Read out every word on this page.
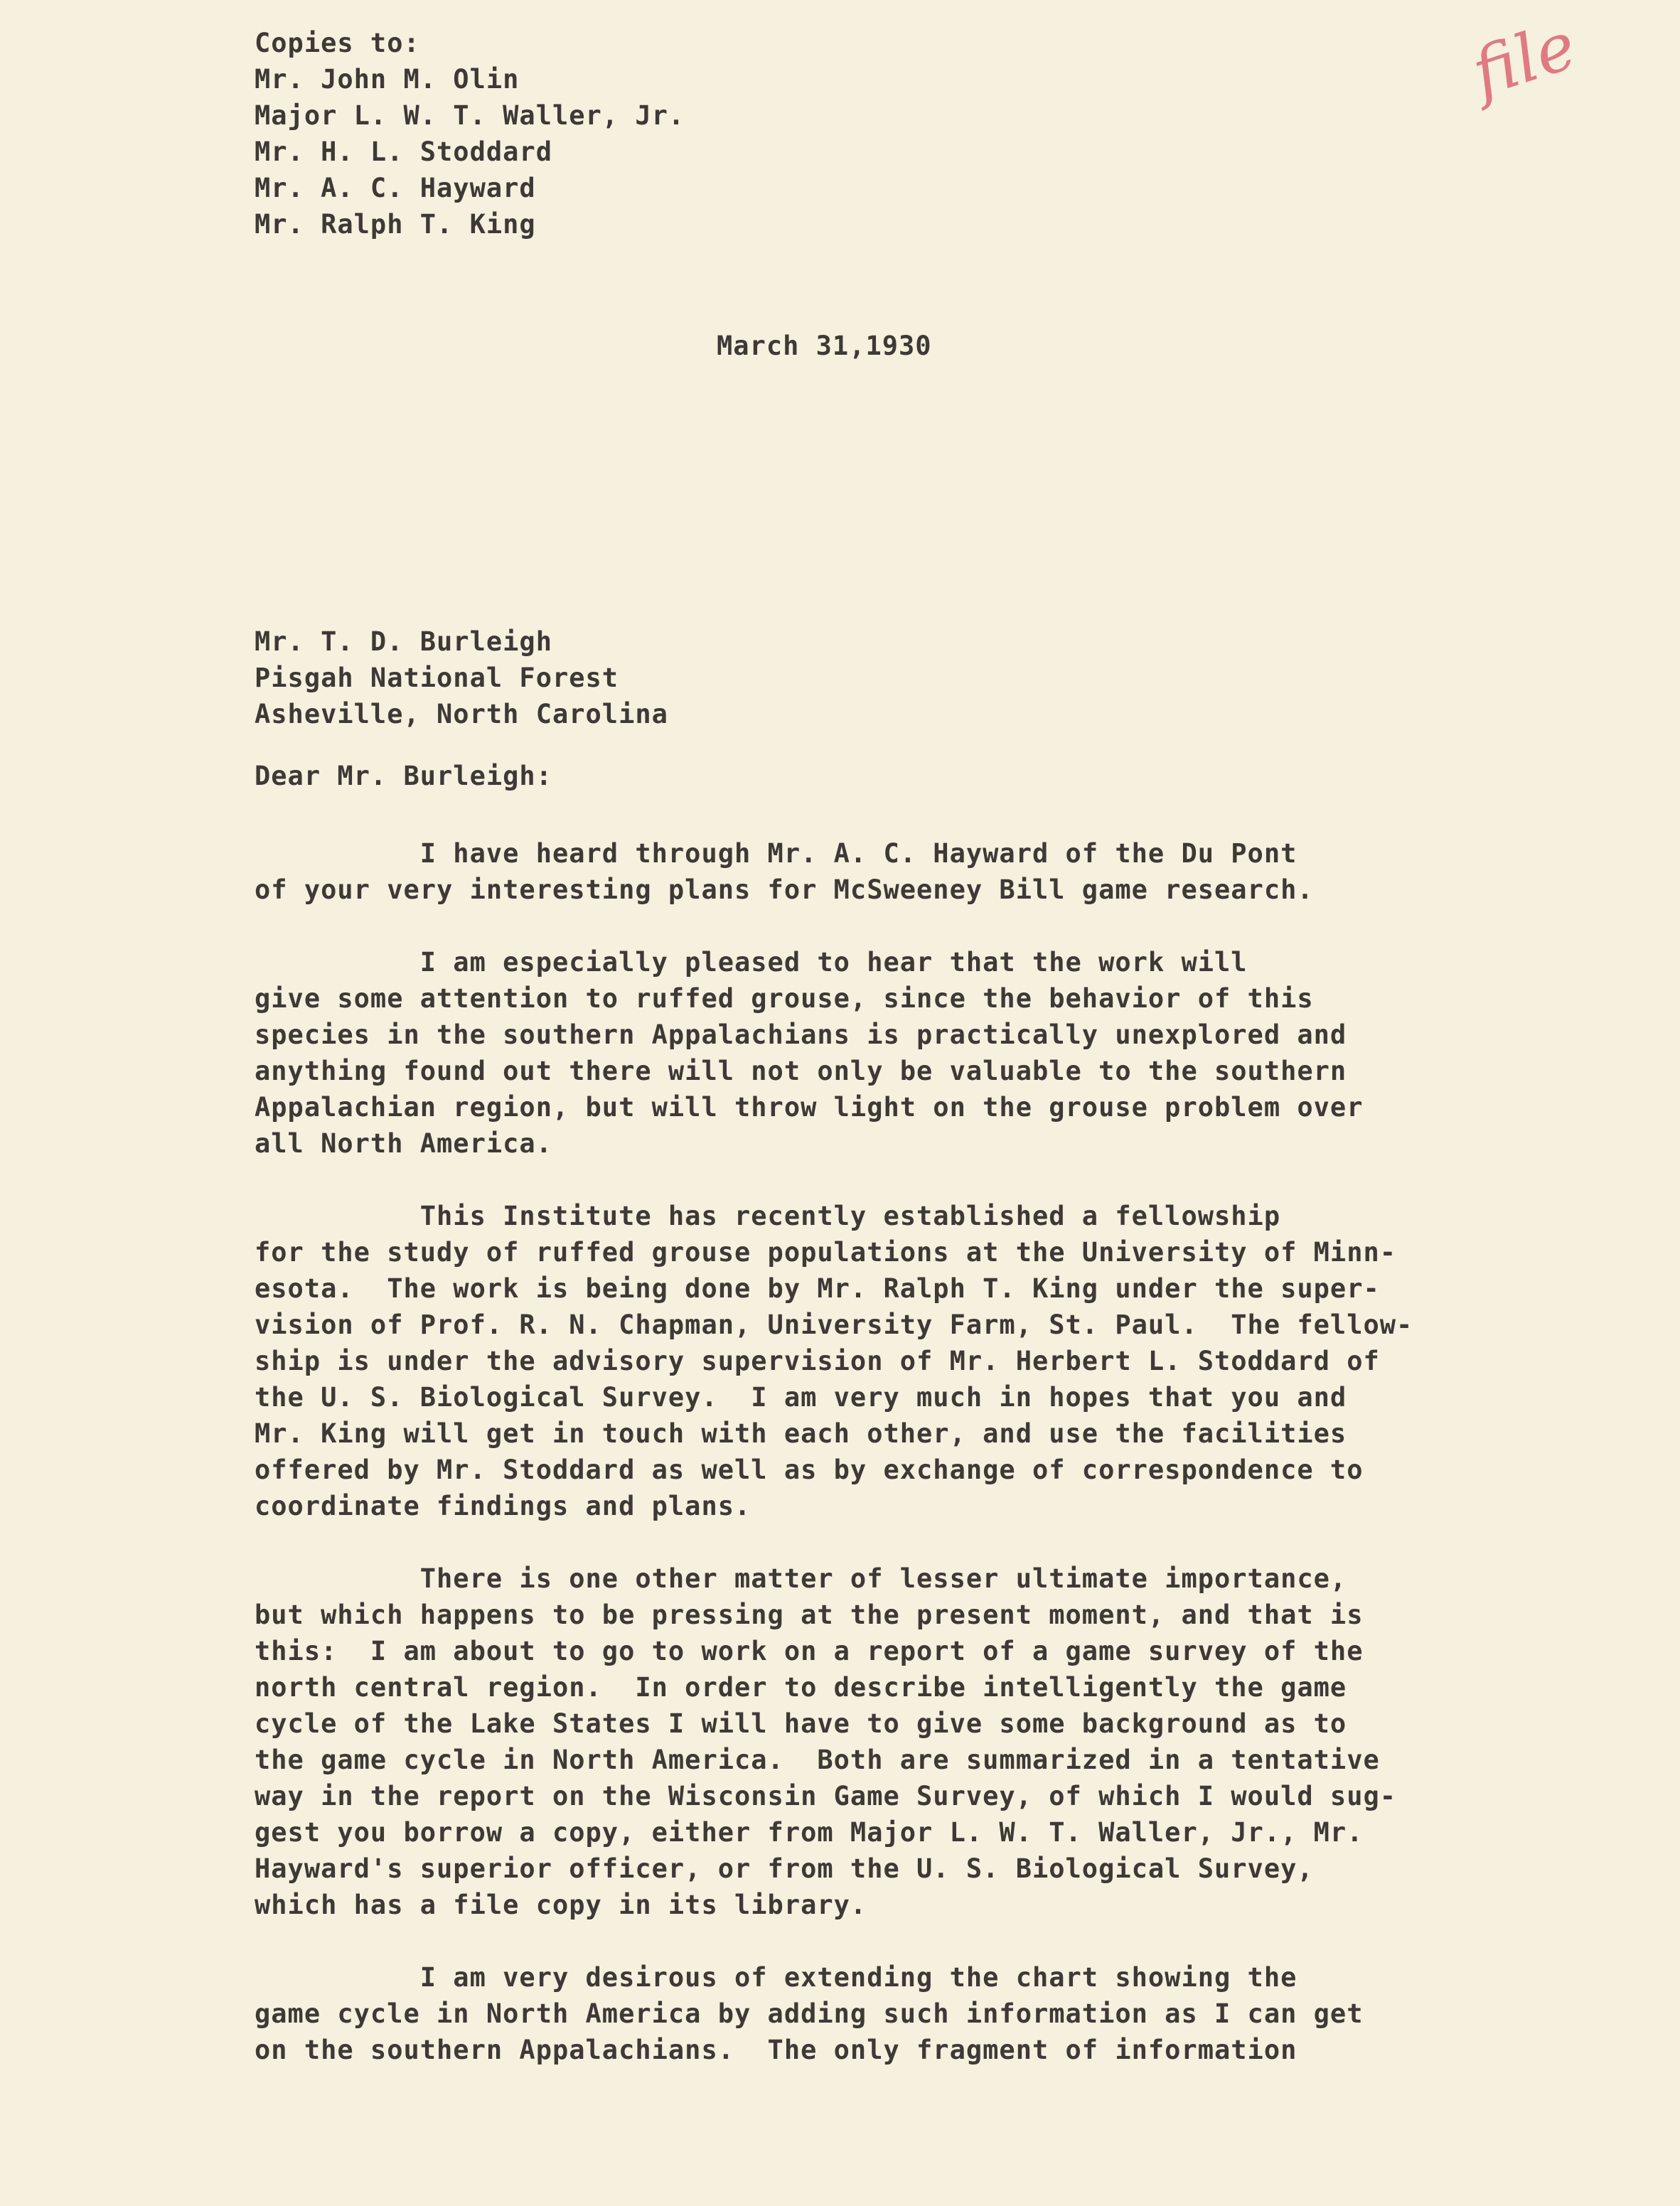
Copies to:
Mr. John M. Olin
Major L. W. T. Waller, Jr.
Mr. H. L. Stoddard
Mr. A. C. Hayward
Mr. Ralph T. King
file
March 31,1930
Mr. T. D. Burleigh
Pisgah National Forest
Asheville, North Carolina
Dear Mr. Burleigh:
I have heard through Mr. A. C. Hayward of the Du Pont
of your very interesting plans for McSweeney Bill game research.
I am especially pleased to hear that the work will
give some attention to ruffed grouse, since the behavior of this
species in the southern Appalachians is practically unexplored and
anything found out there will not only be valuable to the southern
Appalachian region, but will throw light on the grouse problem over
all North America.
This Institute has recently established a fellowship
for the study of ruffed grouse populations at the University of Minn-
esota.  The work is being done by Mr. Ralph T. King under the super-
vision of Prof. R. N. Chapman, University Farm, St. Paul.  The fellow-
ship is under the advisory supervision of Mr. Herbert L. Stoddard of
the U. S. Biological Survey.  I am very much in hopes that you and
Mr. King will get in touch with each other, and use the facilities
offered by Mr. Stoddard as well as by exchange of correspondence to
coordinate findings and plans.
There is one other matter of lesser ultimate importance,
but which happens to be pressing at the present moment, and that is
this:  I am about to go to work on a report of a game survey of the
north central region.  In order to describe intelligently the game
cycle of the Lake States I will have to give some background as to
the game cycle in North America.  Both are summarized in a tentative
way in the report on the Wisconsin Game Survey, of which I would sug-
gest you borrow a copy, either from Major L. W. T. Waller, Jr., Mr.
Hayward's superior officer, or from the U. S. Biological Survey,
which has a file copy in its library.
I am very desirous of extending the chart showing the
game cycle in North America by adding such information as I can get
on the southern Appalachians.  The only fragment of information
